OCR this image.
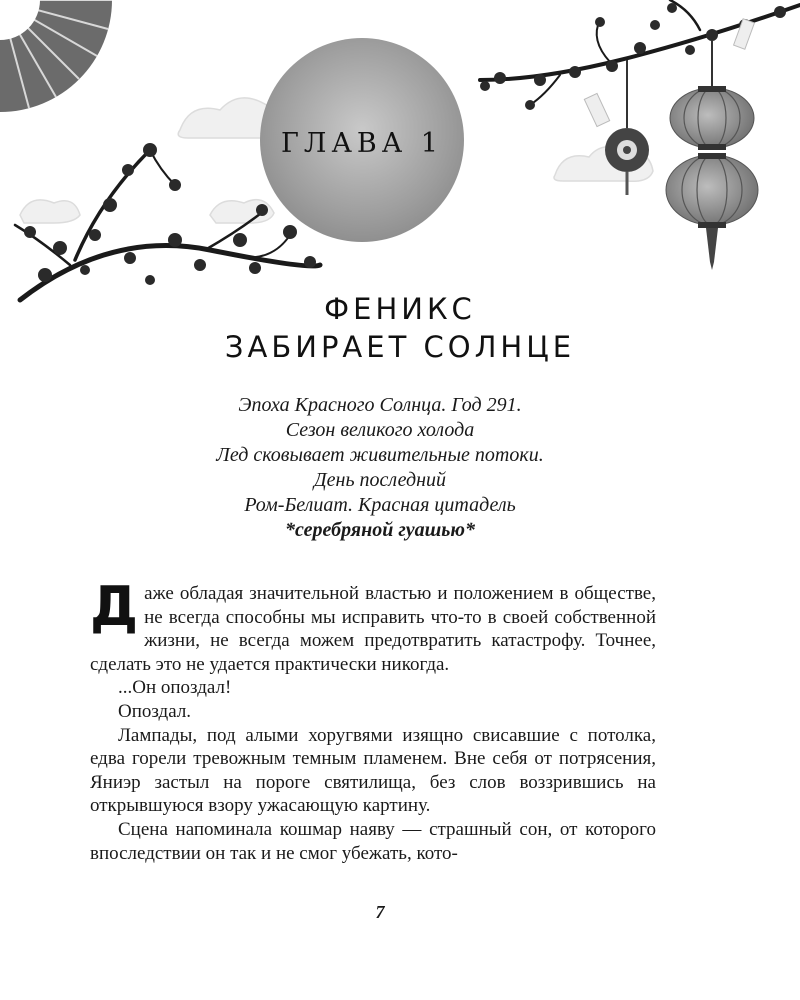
ГЛАВА 1
ФЕНИКС
ЗАБИРАЕТ СОЛНЦЕ
Эпоха Красного Солнца. Год 291.
Сезон великого холода
Лед сковывает живительные потоки.
День последний
Ром-Белиат. Красная цитадель
*серебряной гуашью*

Даже обладая значительной властью и положением в обществе, не всегда способны мы исправить что-то в своей собственной жизни, не всегда можем предотвратить катастрофу. Точнее, сделать это не удается практически никогда.

...Он опоздал!

Опоздал.

Лампады, под алыми хоругвями изящно свисавшие с потолка, едва горели тревожным темным пламенем. Вне себя от потрясения, Яниэр застыл на пороге святилища, без слов воззрившись на открывшуюся взору ужасающую картину.

Сцена напоминала кошмар наяву — страшный сон, от которого впоследствии он так и не смог убежать, кото-

7
